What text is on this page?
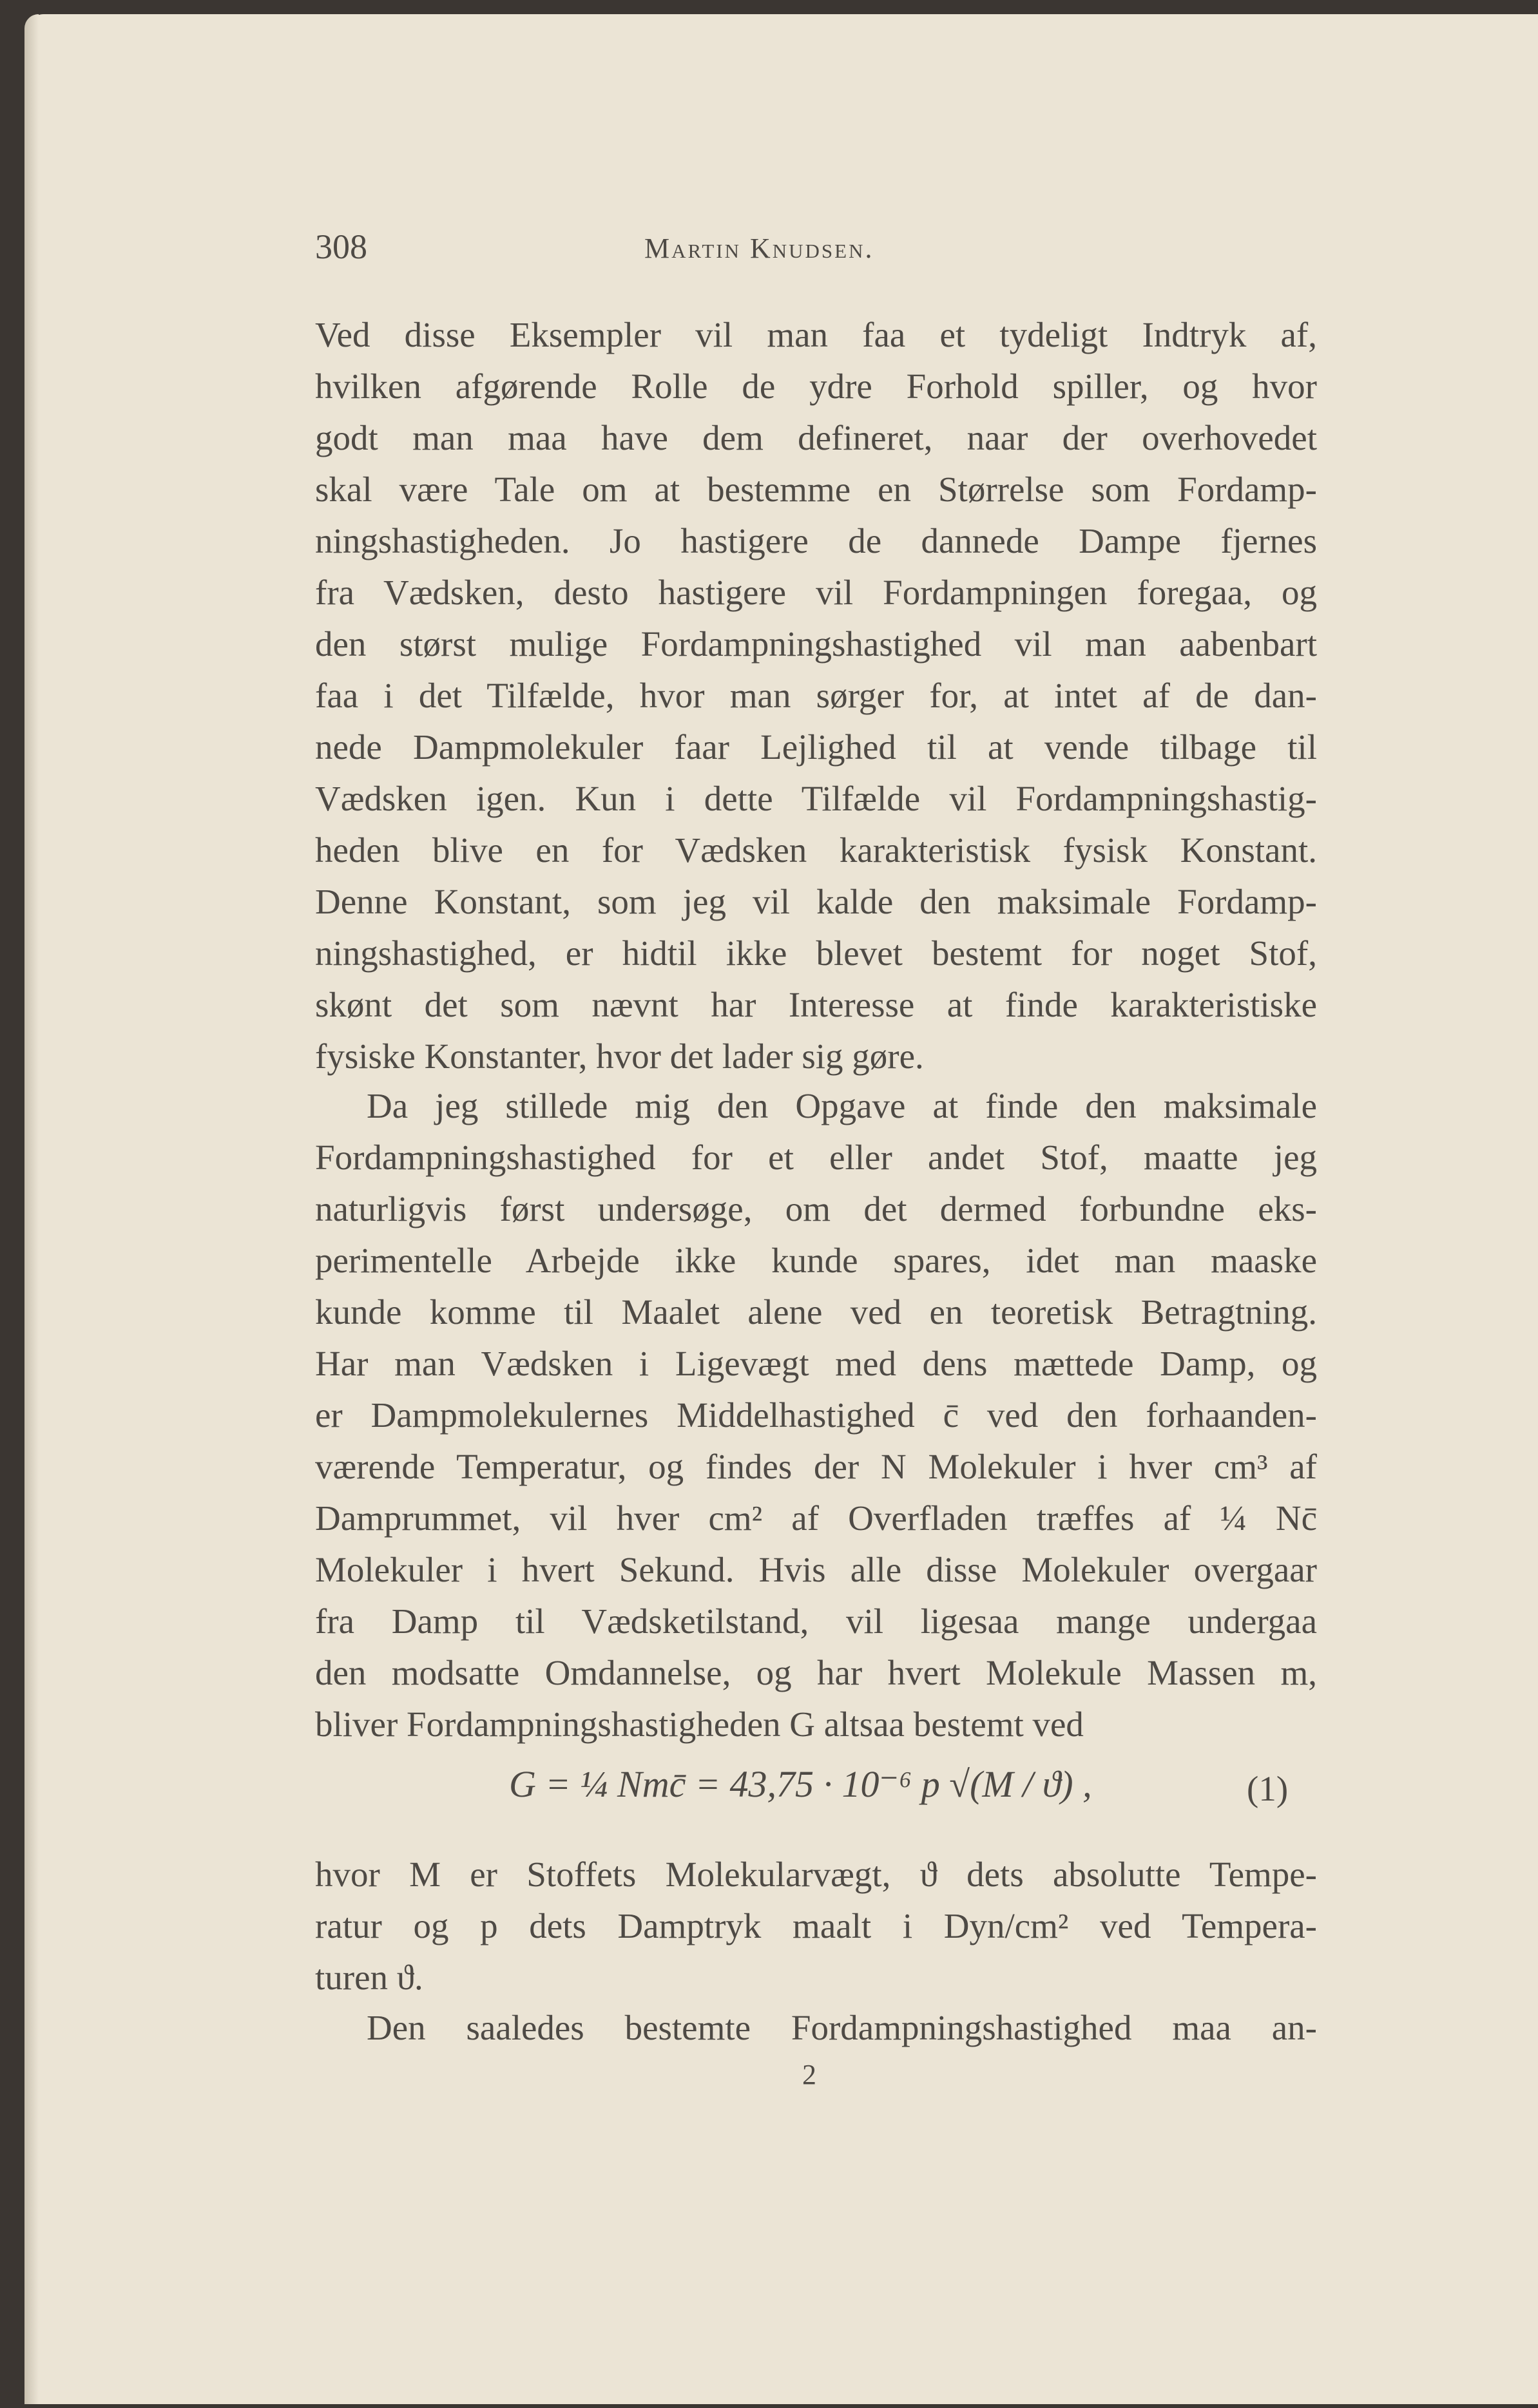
308	Martin Knudsen.
Ved disse Eksempler vil man faa et tydeligt Indtryk af,
hvilken afgørende Rolle de ydre Forhold spiller, og hvor
godt man maa have dem defineret, naar der overhovedet
skal være Tale om at bestemme en Størrelse som Fordamp-
ningshastigheden. Jo hastigere de dannede Dampe fjernes
fra Vædsken, desto hastigere vil Fordampningen foregaa, og
den størst mulige Fordampningshastighed vil man aabenbart
faa i det Tilfælde, hvor man sørger for, at intet af de dan-
nede Dampmolekuler faar Lejlighed til at vende tilbage til
Vædsken igen. Kun i dette Tilfælde vil Fordampningshastig-
heden blive en for Vædsken karakteristisk fysisk Konstant.
Denne Konstant, som jeg vil kalde den maksimale Fordamp-
ningshastighed, er hidtil ikke blevet bestemt for noget Stof,
skønt det som nævnt har Interesse at finde karakteristiske
fysiske Konstanter, hvor det lader sig gøre.
Da jeg stillede mig den Opgave at finde den maksimale
Fordampningshastighed for et eller andet Stof, maatte jeg
naturligvis først undersøge, om det dermed forbundne eks-
perimentelle Arbejde ikke kunde spares, idet man maaske
kunde komme til Maalet alene ved en teoretisk Betragtning.
Har man Vædsken i Ligevægt med dens mættede Damp, og
er Dampmolekulernes Middelhastighed c̄ ved den forhaanden-
værende Temperatur, og findes der N Molekuler i hver cm³ af
Damprummet, vil hver cm² af Overfladen træffes af ¼ Nc̄
Molekuler i hvert Sekund. Hvis alle disse Molekuler overgaar
fra Damp til Vædsketilstand, vil ligesaa mange undergaa
den modsatte Omdannelse, og har hvert Molekule Massen m,
bliver Fordampningshastigheden G altsaa bestemt ved
G = ¼ Nmc̄ = 43,75 · 10⁻⁶ p √(M / ϑ) ,	(1)
hvor M er Stoffets Molekularvægt, ϑ dets absolutte Tempe-
ratur og p dets Damptryk maalt i Dyn/cm² ved Tempera-
turen ϑ.
Den saaledes bestemte Fordampningshastighed maa an-
2
